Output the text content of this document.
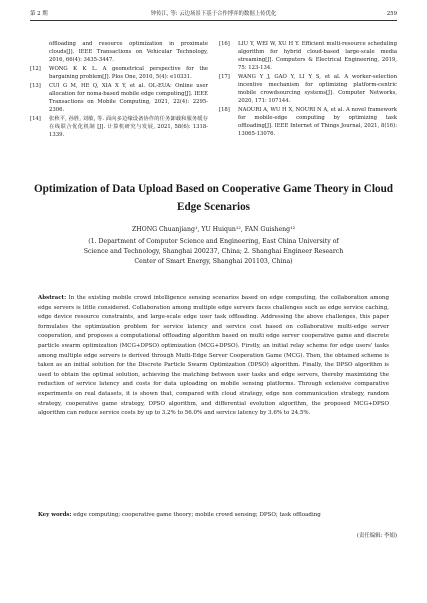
第 2 期	钟传江, 等: 云边场景下基于合作博弈的数据上传优化	259
offloading and resource optimization in proximate clouds[J]. IEEE Transactions on Vehicular Technology, 2016, 66(4): 3435-3447.
[12]	WONG K K L. A geometrical perspective for the bargaining problem[J]. Plos One, 2010, 5(4): e10331.
[13]	CUI G M, HE Q, XIA X Y, et al. OL-EUA: Online user allocation for noma-based mobile edge computing[J]. IEEE Transactions on Mobile Computing, 2021, 22(4): 2295-2306.
[14]	张秋平, 孙胜, 刘敏, 等. 面向多边缘设备协作的任务卸载和服务缓存在线联合优化机制 [J]. 计算机研究与发展, 2021, 58(6): 1318-1339.
[16]	LIU Y, WEI W, XU H Y. Efficient multi-resource scheduling algorithm for hybrid cloud-based large-scale media streaming[J]. Computers & Electrical Engineering, 2019, 75: 123-134.
[17]	WANG Y J, GAO Y, LI Y S, et al. A worker-selection incentive mechanism for optimizing platform-centric mobile crowdsourcing systems[J]. Computer Networks, 2020, 171: 107144.
[18]	NAOURI A, WU H X, NOURI N A, et al. A novel framework for mobile-edge computing by optimizing task offloading[J]. IEEE Internet of Things Journal, 2021, 8(16): 13065-13076.
Optimization of Data Upload Based on Cooperative Game Theory in Cloud Edge Scenarios
ZHONG Chuanjiang¹, YU Huiqun¹², FAN Guisheng¹²
(1. Department of Computer Science and Engineering, East China University of Science and Technology, Shanghai 200237, China; 2. Shanghai Engineer Research Center of Smart Energy, Shanghai 201103, China)
Abstract: In the existing mobile crowd intelligence sensing scenarios based on edge computing, the collaboration among edge servers is little considered. Collaboration among multiple edge servers faces challenges such as edge service caching, edge device resource constraints, and large-scale edge user task offloading. Addressing the above challenges, this paper formulates the optimization problem for service latency and service cost based on collaborative multi-edge server cooperation, and proposes a computational offloading algorithm based on multi edge server cooperative game and discrete particle swarm optimization (MCG+DPSO) optimization (MCG+DPSO). Firstly, an initial relay scheme for edge users' tasks among multiple edge servers is derived through Multi-Edge Server Cooperation Game (MCG). Then, the obtained scheme is taken as an initial solution for the Discrete Particle Swarm Optimization (DPSO) algorithm. Finally, the DPSO algorithm is used to obtain the optimal solution, achieving the matching between user tasks and edge servers, thereby maximizing the reduction of service latency and costs for data uploading on mobile sensing platforms. Through extensive comparative experiments on real datasets, it is shown that, compared with cloud strategy, edge non communication strategy, random strategy, cooperative game strategy, DPSO algorithm, and differential evolution algorithm, the proposed MCG+DPSO algorithm can reduce service costs by up to 3.2% to 56.0% and service latency by 3.6% to 24.5%.
Key words: edge computing; cooperative game theory; mobile crowd sensing; DPSO; task offloading
(责任编辑: 李娟)
